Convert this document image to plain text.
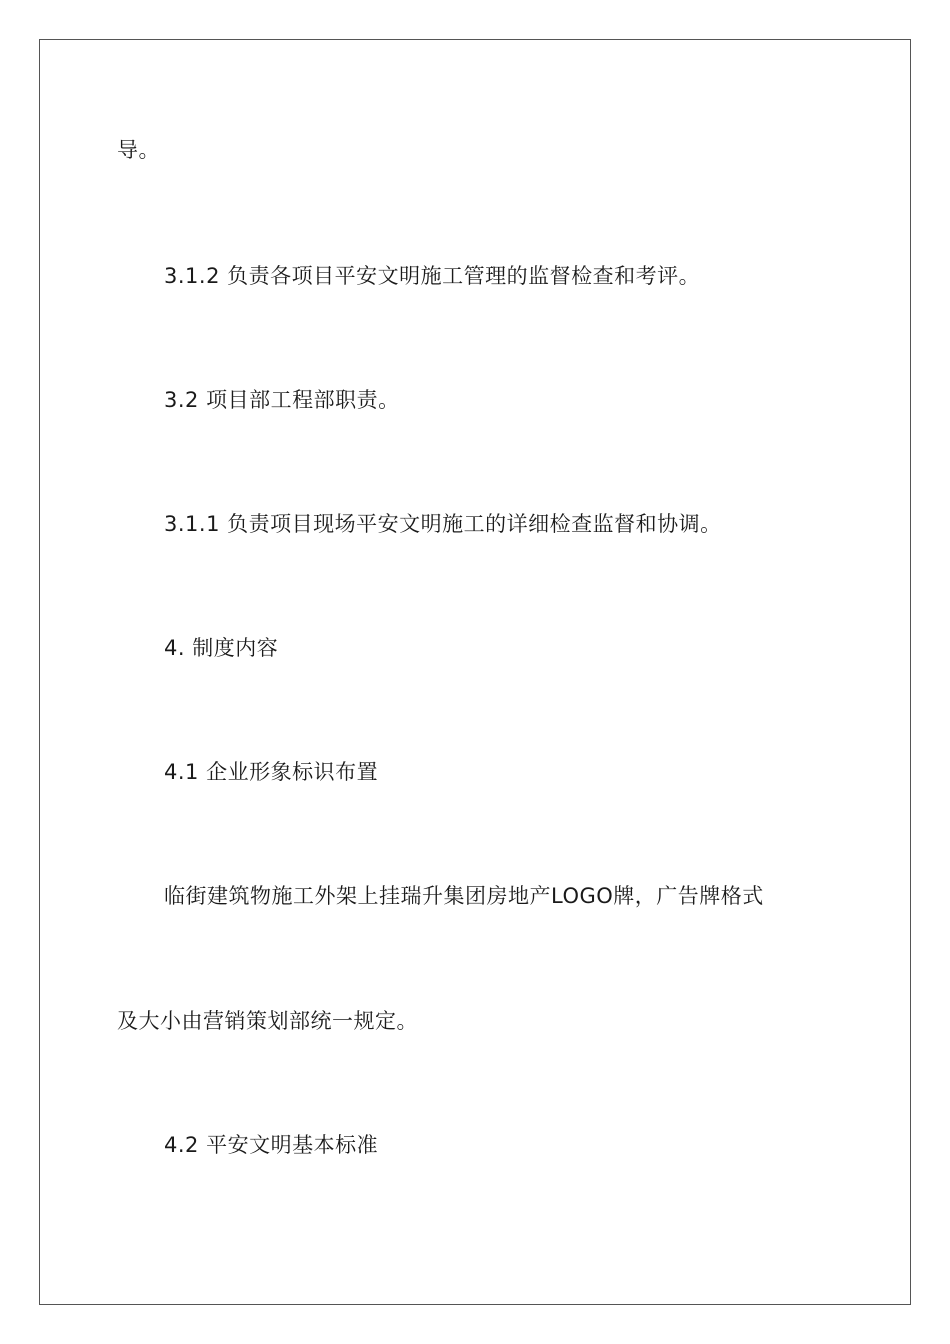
导。
3.1.2 负责各项目平安文明施工管理的监督检查和考评。
3.2 项目部工程部职责。
3.1.1 负责项目现场平安文明施工的详细检查监督和协调。
4. 制度内容
4.1 企业形象标识布置
临街建筑物施工外架上挂瑞升集团房地产LOGO牌，广告牌格式
及大小由营销策划部统一规定。
4.2 平安文明基本标准
